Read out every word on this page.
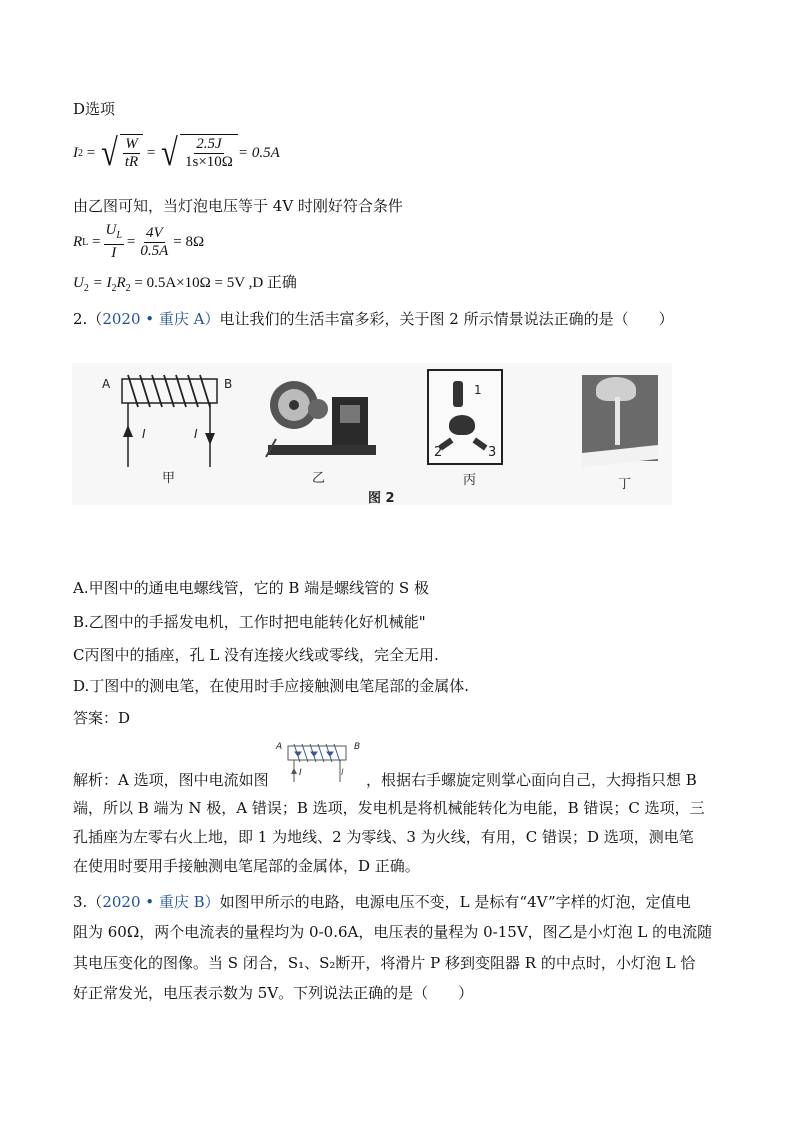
D选项
I 2 = √ $\frac{W}{tR}$ = √ $\frac{2.5J}{1s\times 10\Omega} = 0.5A$
由乙图可知，当灯泡电压等于 4V 时刚好符合条件
R $L = \frac{U_L}{I} = \frac{4V}{0.5A} = 8\Omega$
$U_2 = I_2R_2 = 0.5A\times 10\Omega = 5V$ ,D 正确
2.（2020 • 重庆 A）电让我们的生活丰富多彩，关于图 2 所示情景说法正确的是（　　）
A	B
I	I
甲	乙
1
2	3
丙	丁
图 2
A.甲图中的通电电螺线管，它的 B 端是螺线管的 S 极
B.乙图中的手摇发电机，工作时把电能转化好机械能"
C丙图中的插座，孔 L 没有连接火线或零线，完全无用.
D.丁图中的测电笔，在使用时手应接触测电笔尾部的金属体.
答案：D
解析：A 选项，图中电流如图
A	B
I	I ，根据右手螺旋定则掌心面向自己，大拇指只想 B
端，所以 B 端为 N 极，A 错误；B 选项，发电机是将机械能转化为电能，B 错误；C 选项，三
孔插座为左零右火上地，即 1 为地线、2 为零线、3 为火线，有用，C 错误；D 选项，测电笔
在使用时要用手接触测电笔尾部的金属体，D 正确。
3.（2020 • 重庆 B）如图甲所示的电路，电源电压不变，L 是标有“4V”字样的灯泡，定值电
阻为 60Ω，两个电流表的量程均为 0-0.6A，电压表的量程为 0-15V，图乙是小灯泡 L 的电流随
其电压变化的图像。当 S 闭合，S₁、S₂断开，将滑片 P 移到变阻器 R 的中点时，小灯泡 L 恰
好正常发光，电压表示数为 5V。下列说法正确的是（　　）
